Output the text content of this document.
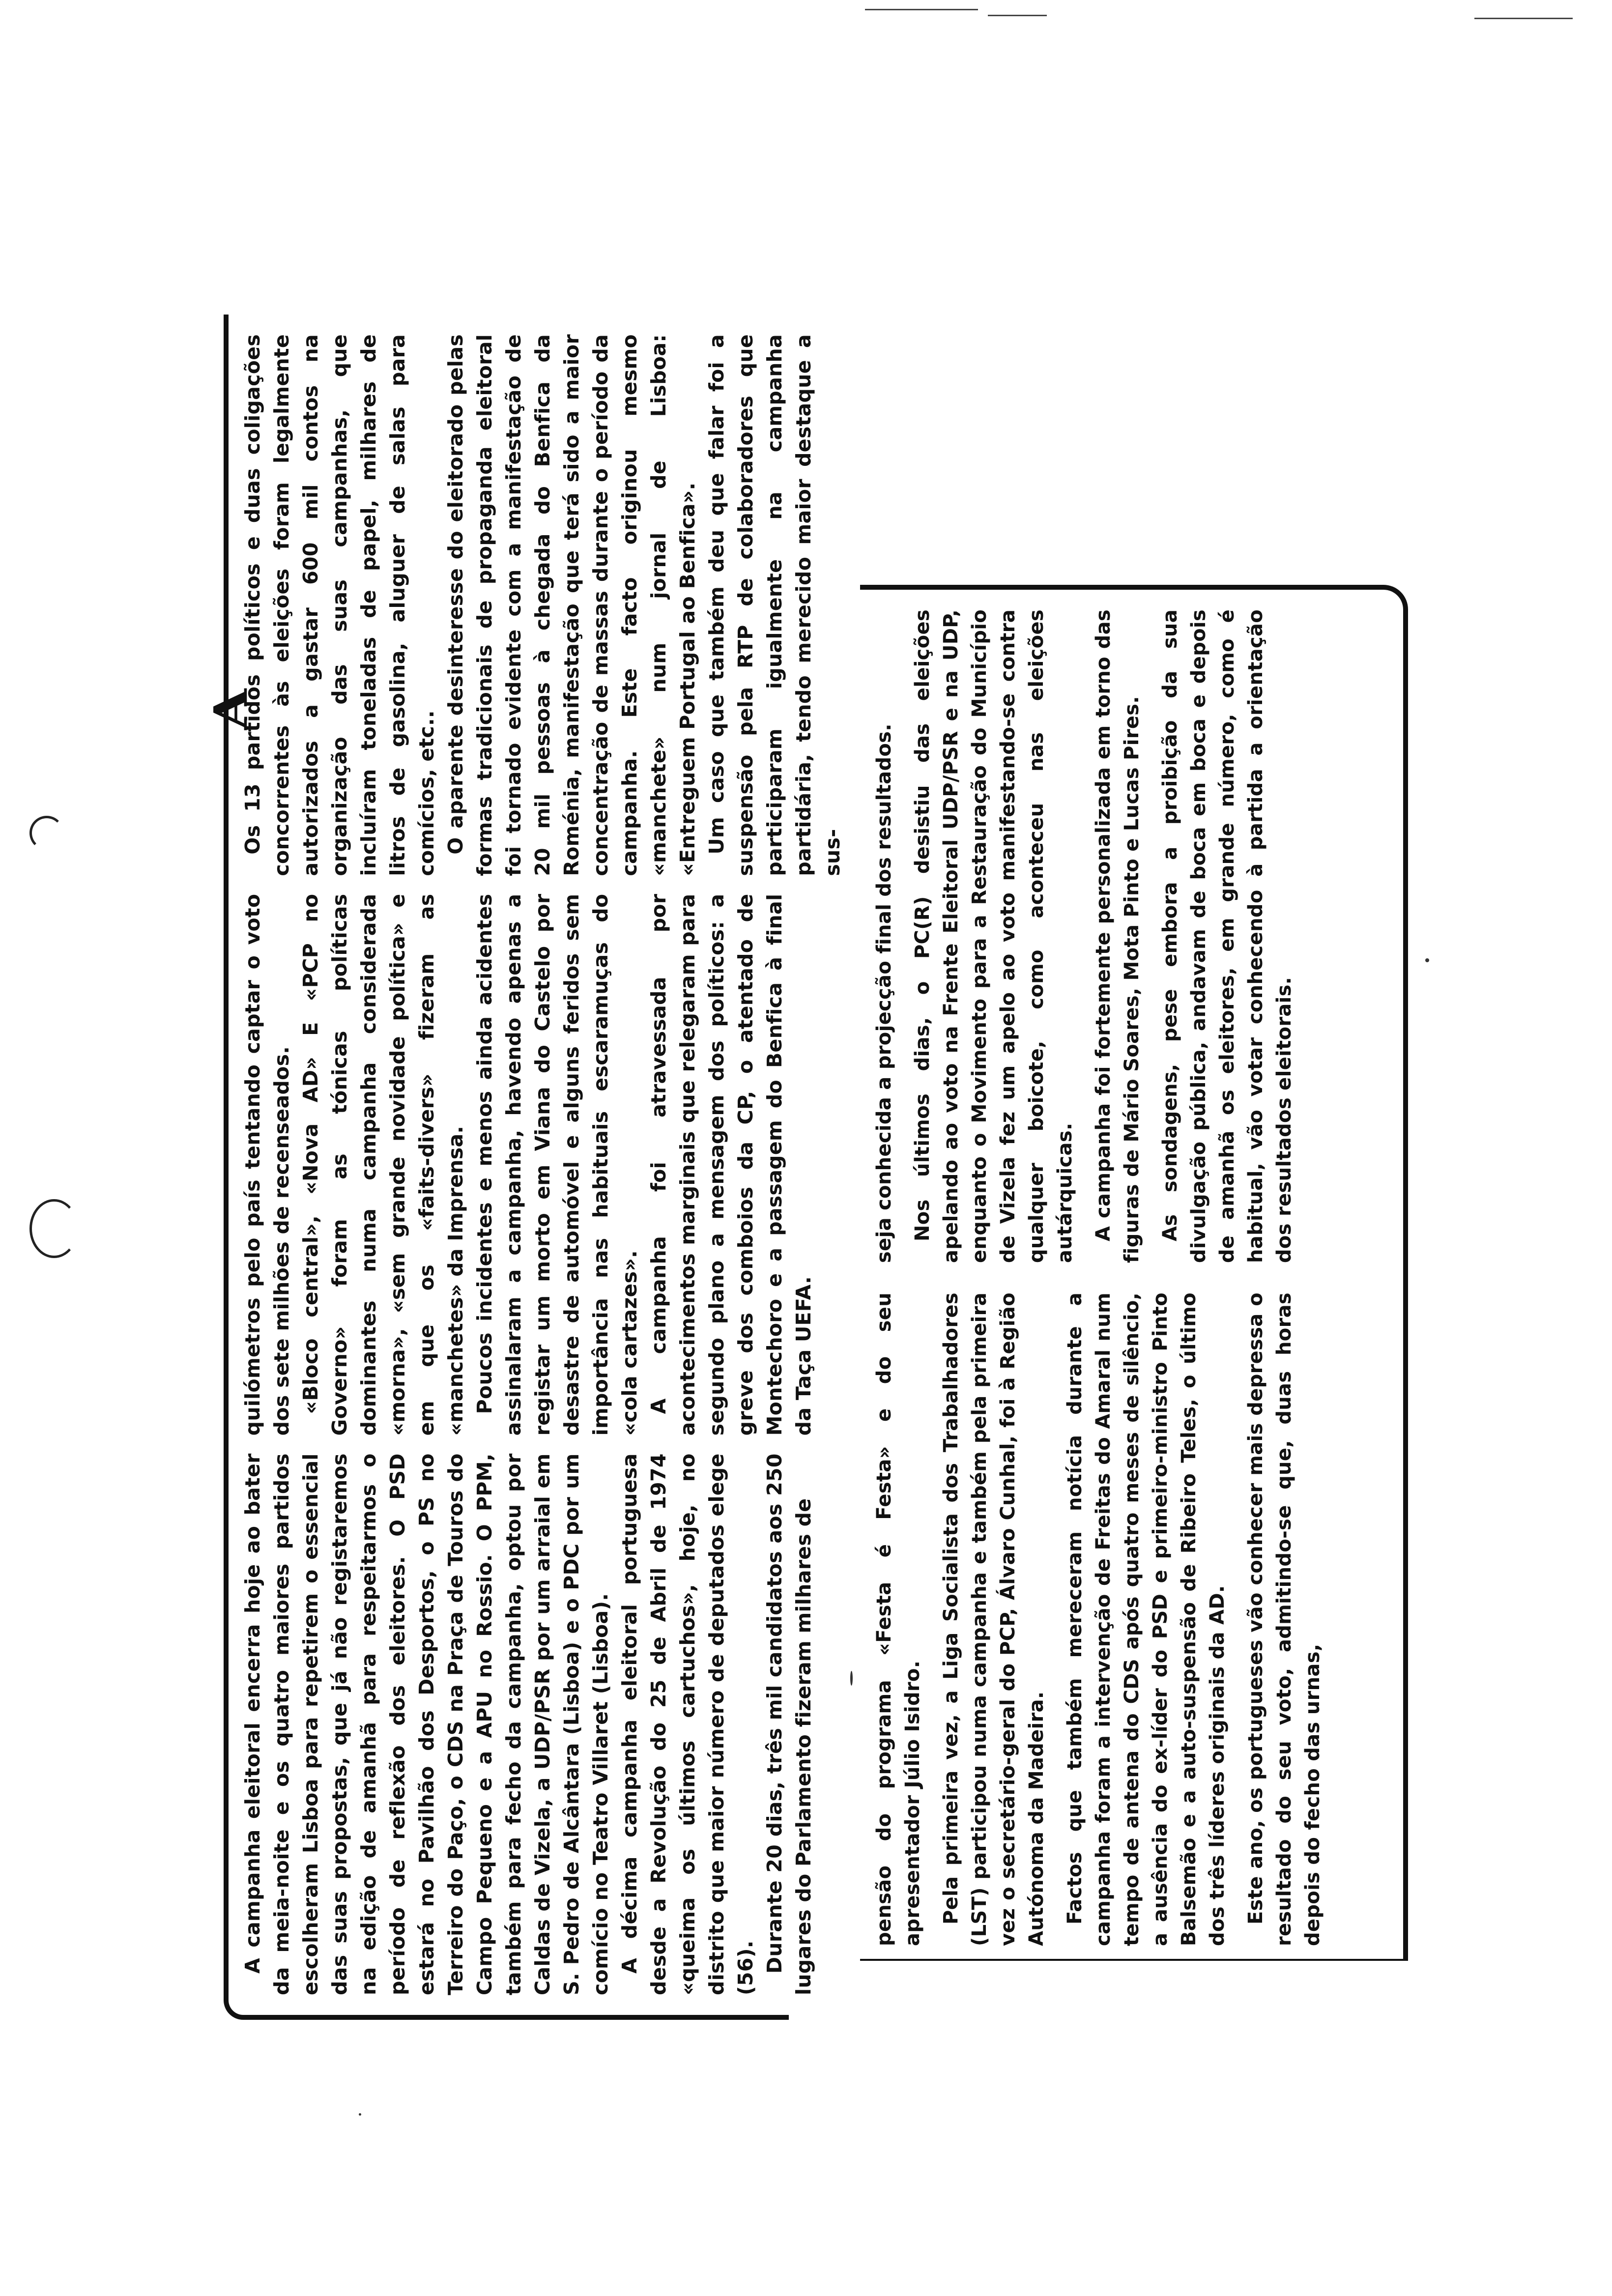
ᴬ

A campanha eleitoral encerra hoje ao bater da meia-noite e os quatro maiores partidos escolheram Lisboa para repetirem o essencial das suas propostas, que já não registaremos na edição de amanhã para respeitarmos o período de reflexão dos eleitores. O PSD estará no Pavilhão dos Desportos, o PS no Terreiro do Paço, o CDS na Praça de Touros do Campo Pequeno e a APU no Rossio. O PPM, também para fecho da campanha, optou por Caldas de Vizela, a UDP/PSR por um arraial em S. Pedro de Alcântara (Lisboa) e o PDC por um comício no Teatro Villaret (Lisboa). A décima campanha eleitoral portuguesa desde a Revolução do 25 de Abril de 1974 «queima os últimos cartuchos», hoje, no distrito que maior número de deputados elege (56). Durante 20 dias, três mil candidatos aos 250 lugares do Parlamento fizeram milhares de

quilómetros pelo país tentando captar o voto dos sete milhões de recenseados. «Bloco central», «Nova AD» E «PCP no Governo» foram as tónicas políticas dominantes numa campanha considerada «morna», «sem grande novidade política» e em que os «faits-divers» fizeram as «manchetes» da Imprensa. Poucos incidentes e menos ainda acidentes assinalaram a campanha, havendo apenas a registar um morto em Viana do Castelo por desastre de automóvel e alguns feridos sem importância nas habituais escaramuças do «cola cartazes». A campanha foi atravessada por acontecimentos marginais que relegaram para segundo plano a mensagem dos políticos: a greve dos comboios da CP, o atentado de Montechoro e a passagem do Benfica à final da Taça UEFA.

Os 13 partidos políticos e duas coligações concorrentes às eleições foram legalmente autorizados a gastar 600 mil contos na organização das suas campanhas, que incluíram toneladas de papel, milhares de litros de gasolina, aluguer de salas para comícios, etc.. O aparente desinteresse do eleitorado pelas formas tradicionais de propaganda eleitoral foi tornado evidente com a manifestação de 20 mil pessoas à chegada do Benfica da Roménia, manifestação que terá sido a maior concentração de massas durante o período da campanha. Este facto originou mesmo «manchete» num jornal de Lisboa: «Entreguem Portugal ao Benfica». Um caso que também deu que falar foi a suspensão pela RTP de colaboradores que participaram igualmente na campanha partidária, tendo merecido maior destaque a sus-

pensão do programa «Festa é Festa» e do seu apresentador Júlio Isidro. Pela primeira vez, a Liga Socialista dos Trabalhadores (LST) participou numa campanha e também pela primeira vez o secretário-geral do PCP, Álvaro Cunhal, foi à Região Autónoma da Madeira. Factos que também mereceram notícia durante a campanha foram a intervenção de Freitas do Amaral num tempo de antena do CDS após quatro meses de silêncio, a ausência do ex-líder do PSD e primeiro-ministro Pinto Balsemão e a auto-suspensão de Ribeiro Teles, o último dos três líderes originais da AD. Este ano, os portugueses vão conhecer mais depressa o resultado do seu voto, admitindo-se que, duas horas depois do fecho das urnas,

seja conhecida a projecção final dos resultados. Nos últimos dias, o PC(R) desistiu das eleições apelando ao voto na Frente Eleitoral UDP/PSR e na UDP, enquanto o Movimento para a Restauração do Município de Vizela fez um apelo ao voto manifestando-se contra qualquer boicote, como aconteceu nas eleições autárquicas. A campanha foi fortemente personalizada em torno das figuras de Mário Soares, Mota Pinto e Lucas Pires. As sondagens, pese embora a proibição da sua divulgação pública, andavam de boca em boca e depois de amanhã os eleitores, em grande número, como é habitual, vão votar conhecendo à partida a orientação dos resultados eleitorais.
